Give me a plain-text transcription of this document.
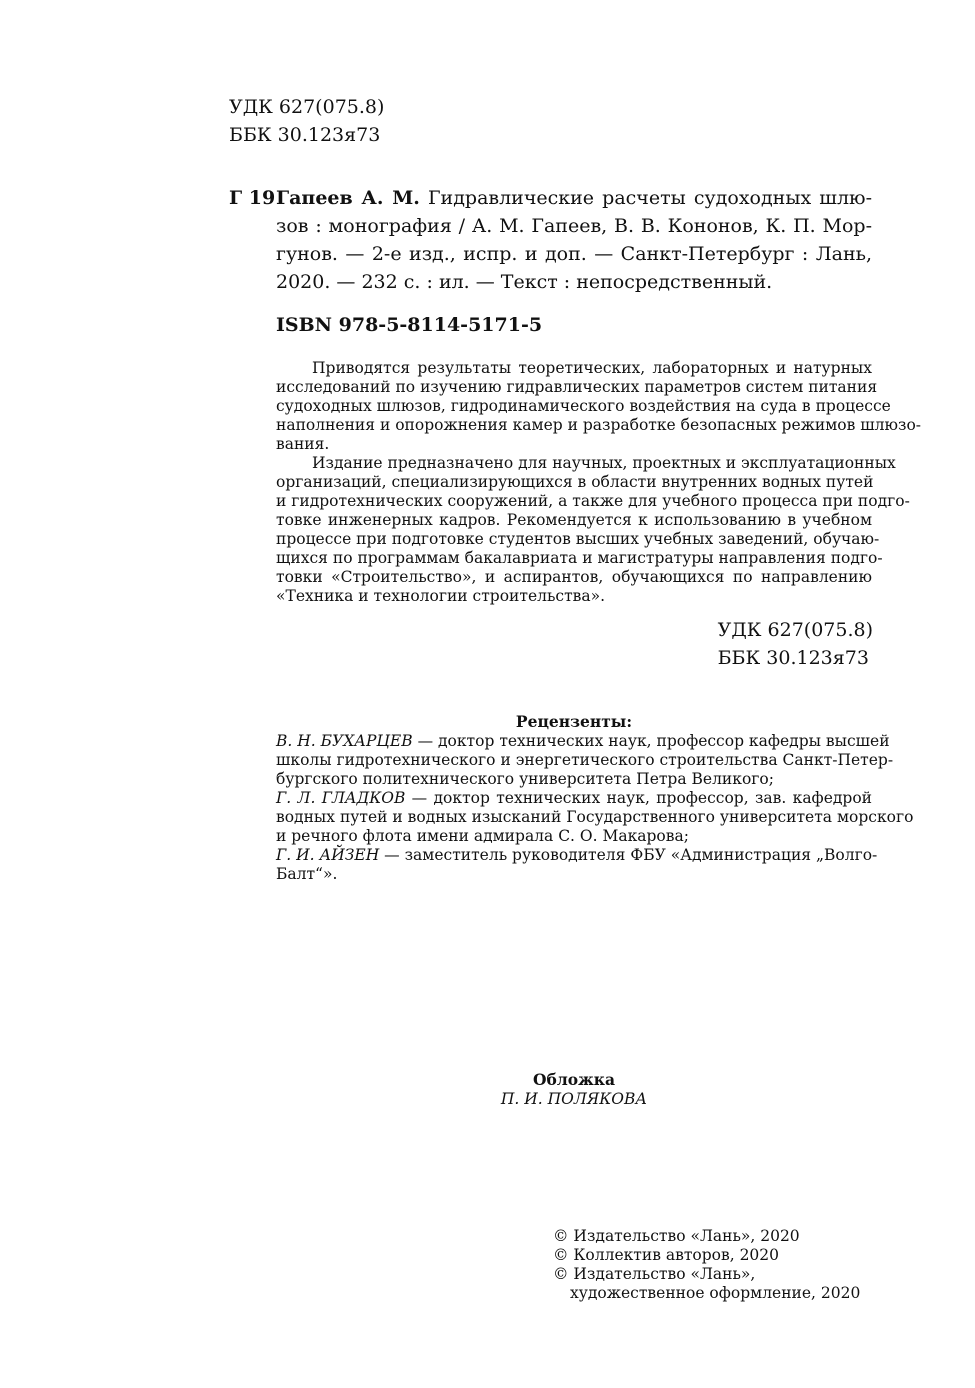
УДК 627(075.8)
ББК 30.123я73
Г 19 Гапеев А. М. Гидравлические расчеты судоходных шлю-
зов : монография / А. М. Гапеев, В. В. Кононов, К. П. Мор-
гунов. — 2-е изд., испр. и доп. — Санкт-Петербург : Лань,
2020. — 232 с. : ил. — Текст : непосредственный.
ISBN 978-5-8114-5171-5
Приводятся результаты теоретических, лабораторных и натурных
исследований по изучению гидравлических параметров систем питания
судоходных шлюзов, гидродинамического воздействия на суда в процессе
наполнения и опорожнения камер и разработке безопасных режимов шлюзо-
вания.
Издание предназначено для научных, проектных и эксплуатационных
организаций, специализирующихся в области внутренних водных путей
и гидротехнических сооружений, а также для учебного процесса при подго-
товке инженерных кадров. Рекомендуется к использованию в учебном
процессе при подготовке студентов высших учебных заведений, обучаю-
щихся по программам бакалавриата и магистратуры направления подго-
товки «Строительство», и аспирантов, обучающихся по направлению
«Техника и технологии строительства».
УДК 627(075.8)
ББК 30.123я73
Рецензенты:
В. Н. БУХАРЦЕВ — доктор технических наук, профессор кафедры высшей
школы гидротехнического и энергетического строительства Санкт-Петер-
бургского политехнического университета Петра Великого;
Г. Л. ГЛАДКОВ — доктор технических наук, профессор, зав. кафедрой
водных путей и водных изысканий Государственного университета морского
и речного флота имени адмирала С. О. Макарова;
Г. И. АЙЗЕН — заместитель руководителя ФБУ «Администрация „Волго-
Балт“».
Обложка
П. И. ПОЛЯКОВА
© Издательство «Лань», 2020
© Коллектив авторов, 2020
© Издательство «Лань»,
художественное оформление, 2020
